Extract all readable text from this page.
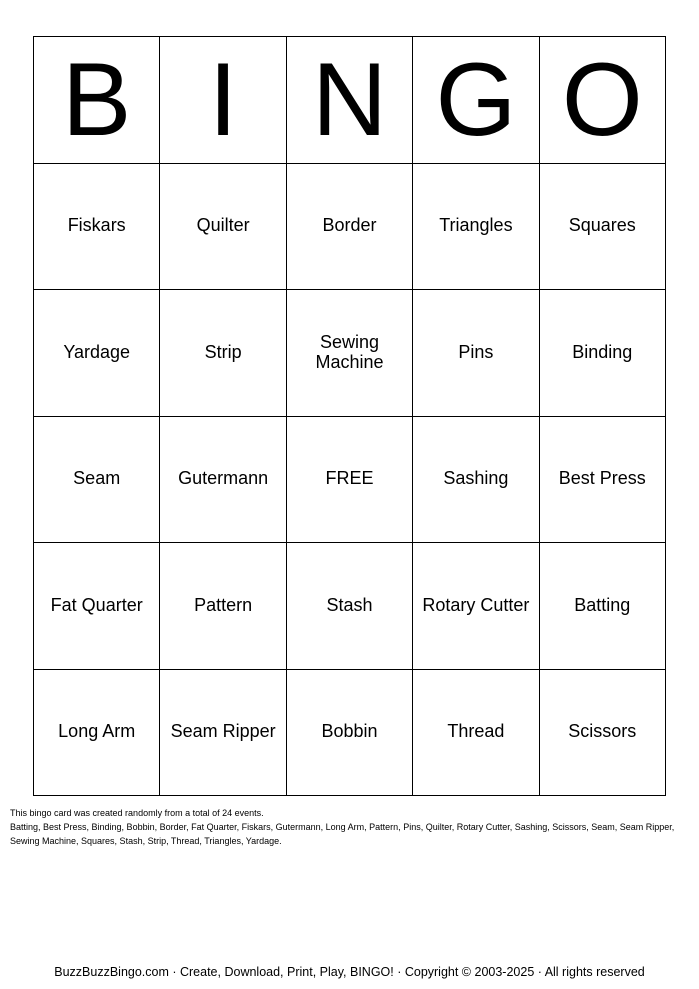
B I N G O
Fiskars	Quilter	Border	Triangles	Squares
Yardage	Strip	Sewing Machine	Pins	Binding
Seam	Gutermann	FREE	Sashing	Best Press
Fat Quarter	Pattern	Stash	Rotary Cutter	Batting
Long Arm	Seam Ripper	Bobbin	Thread	Scissors

This bingo card was created randomly from a total of 24 events.

Batting, Best Press, Binding, Bobbin, Border, Fat Quarter, Fiskars, Gutermann, Long Arm, Pattern, Pins, Quilter, Rotary Cutter, Sashing, Scissors, Seam, Seam Ripper, Sewing Machine, Squares, Stash, Strip, Thread, Triangles, Yardage.

BuzzBuzzBingo.com · Create, Download, Print, Play, BINGO! · Copyright © 2003-2025 · All rights reserved
